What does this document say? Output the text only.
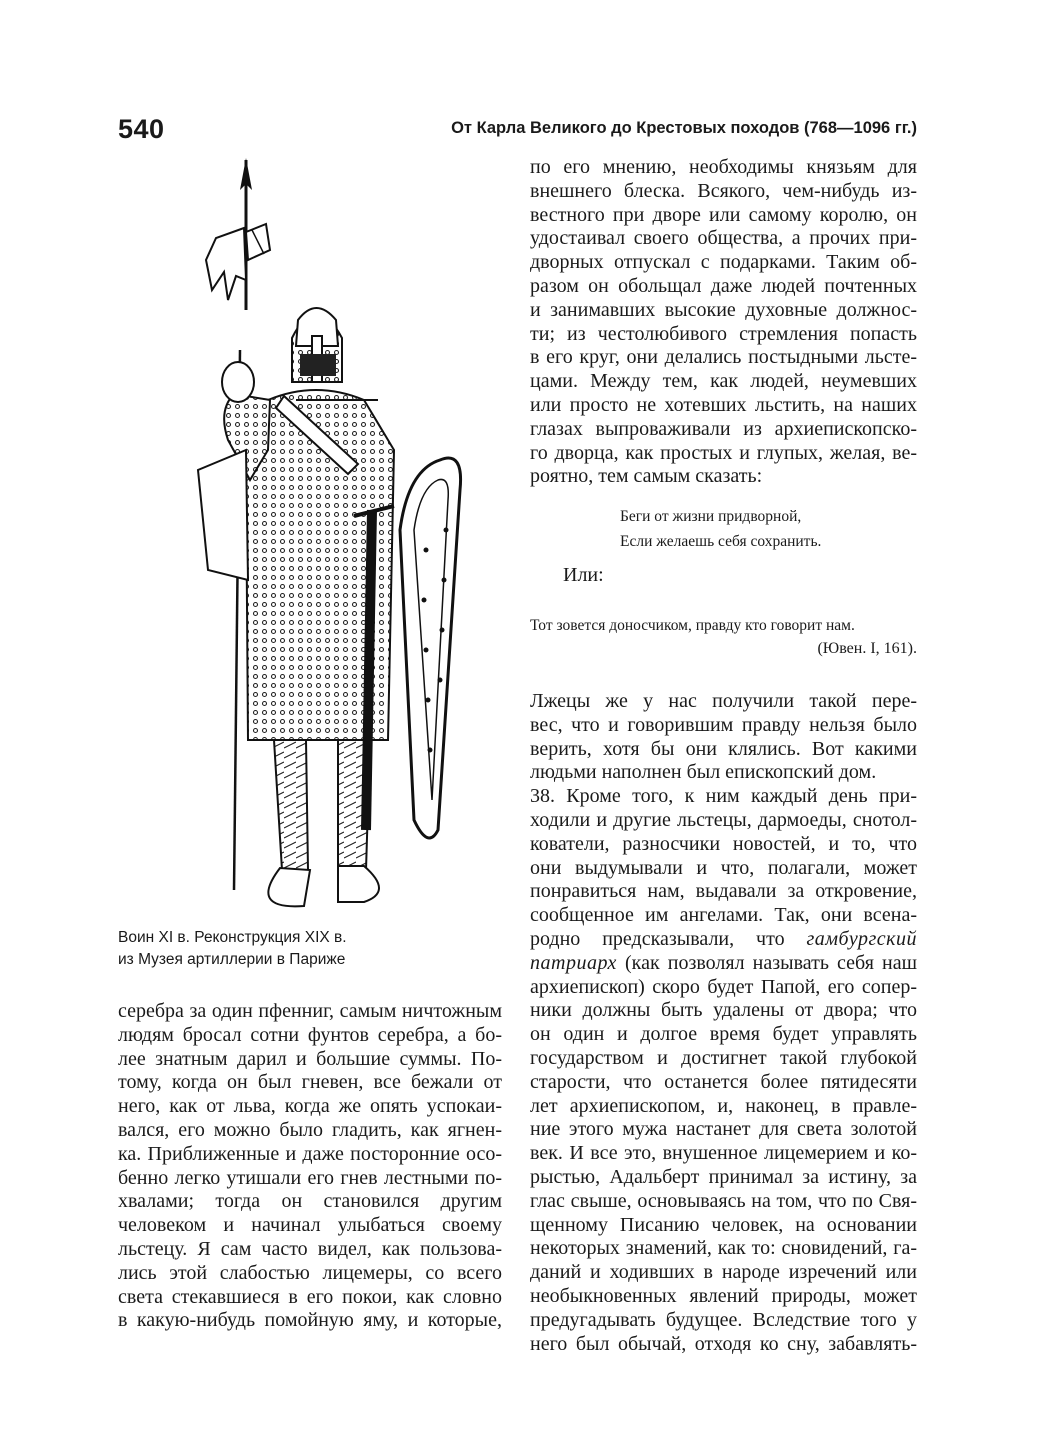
540	От Карла Великого до Крестовых походов (768—1096 гг.)
Воин XI в. Реконструкция XIX в.
из Музея артиллерии в Париже
серебра за один пфенниг, самым ничтожным
людям бросал сотни фунтов серебра, а бо-
лее знатным дарил и большие суммы. По-
тому, когда он был гневен, все бежали от
него, как от льва, когда же опять успокаи-
вался, его можно было гладить, как ягнен-
ка. Приближенные и даже посторонние осо-
бенно легко утишали его гнев лестными по-
хвалами; тогда он становился другим
человеком и начинал улыбаться своему
льстецу. Я сам часто видел, как пользова-
лись этой слабостью лицемеры, со всего
света стекавшиеся в его покои, как словно
в какую-нибудь помойную яму, и которые,
по его мнению, необходимы князьям для
внешнего блеска. Всякого, чем-нибудь из-
вестного при дворе или самому королю, он
удостаивал своего общества, а прочих при-
дворных отпускал с подарками. Таким об-
разом он обольщал даже людей почтенных
и занимавших высокие духовные должнос-
ти; из честолюбивого стремления попасть
в его круг, они делались постыдными льсте-
цами. Между тем, как людей, неумевших
или просто не хотевших льстить, на наших
глазах выпроваживали из архиепископско-
го дворца, как простых и глупых, желая, ве-
роятно, тем самым сказать:
Беги от жизни придворной,
Если желаешь себя сохранить.
Или:
Тот зовется доносчиком, правду кто говорит нам.
(Ювен. I, 161).
Лжецы же у нас получили такой пере-
вес, что и говорившим правду нельзя было
верить, хотя бы они клялись. Вот какими
людьми наполнен был епископский дом.
38. Кроме того, к ним каждый день при-
ходили и другие льстецы, дармоеды, снотол-
кователи, разносчики новостей, и то, что
они выдумывали и что, полагали, может
понравиться нам, выдавали за откровение,
сообщенное им ангелами. Так, они всена-
родно предсказывали, что гамбургский
патриарх (как позволял называть себя наш
архиепископ) скоро будет Папой, его сопер-
ники должны быть удалены от двора; что
он один и долгое время будет управлять
государством и достигнет такой глубокой
старости, что останется более пятидесяти
лет архиепископом, и, наконец, в правле-
ние этого мужа настанет для света золотой
век. И все это, внушенное лицемерием и ко-
рыстью, Адальберт принимал за истину, за
глас свыше, основываясь на том, что по Свя-
щенному Писанию человек, на основании
некоторых знамений, как то: сновидений, га-
даний и ходивших в народе изречений или
необыкновенных явлений природы, может
предугадывать будущее. Вследствие того у
него был обычай, отходя ко сну, забавлять-
